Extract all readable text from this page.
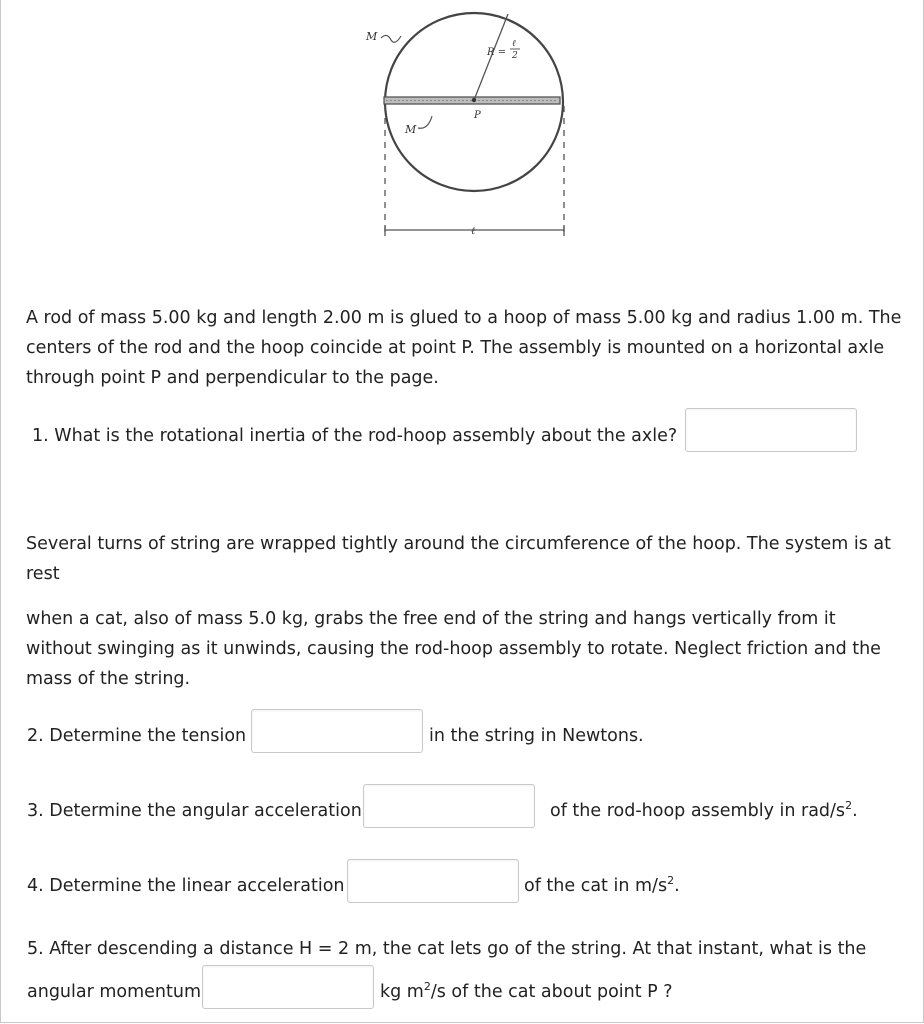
M
M
R =
ℓ
2
P
ℓ

A rod of mass 5.00 kg and length 2.00 m is glued to a hoop of mass 5.00 kg and radius 1.00 m. The centers of the rod and the hoop coincide at point P. The assembly is mounted on a horizontal axle through point P and perpendicular to the page.

1. What is the rotational inertia of the rod-hoop assembly about the axle?

Several turns of string are wrapped tightly around the circumference of the hoop. The system is at rest

when a cat, also of mass 5.0 kg, grabs the free end of the string and hangs vertically from it without swinging as it unwinds, causing the rod-hoop assembly to rotate. Neglect friction and the mass of the string.

2. Determine the tension	in the string in Newtons.
3. Determine the angular acceleration	of the rod-hoop assembly in rad/$s^2$.
4. Determine the linear acceleration	of the cat in $m/s^2$.
5. After descending a distance H = 2 m, the cat lets go of the string. At that instant, what is the
angular momentum	kg $m^2/s$ of the cat about point P ?
